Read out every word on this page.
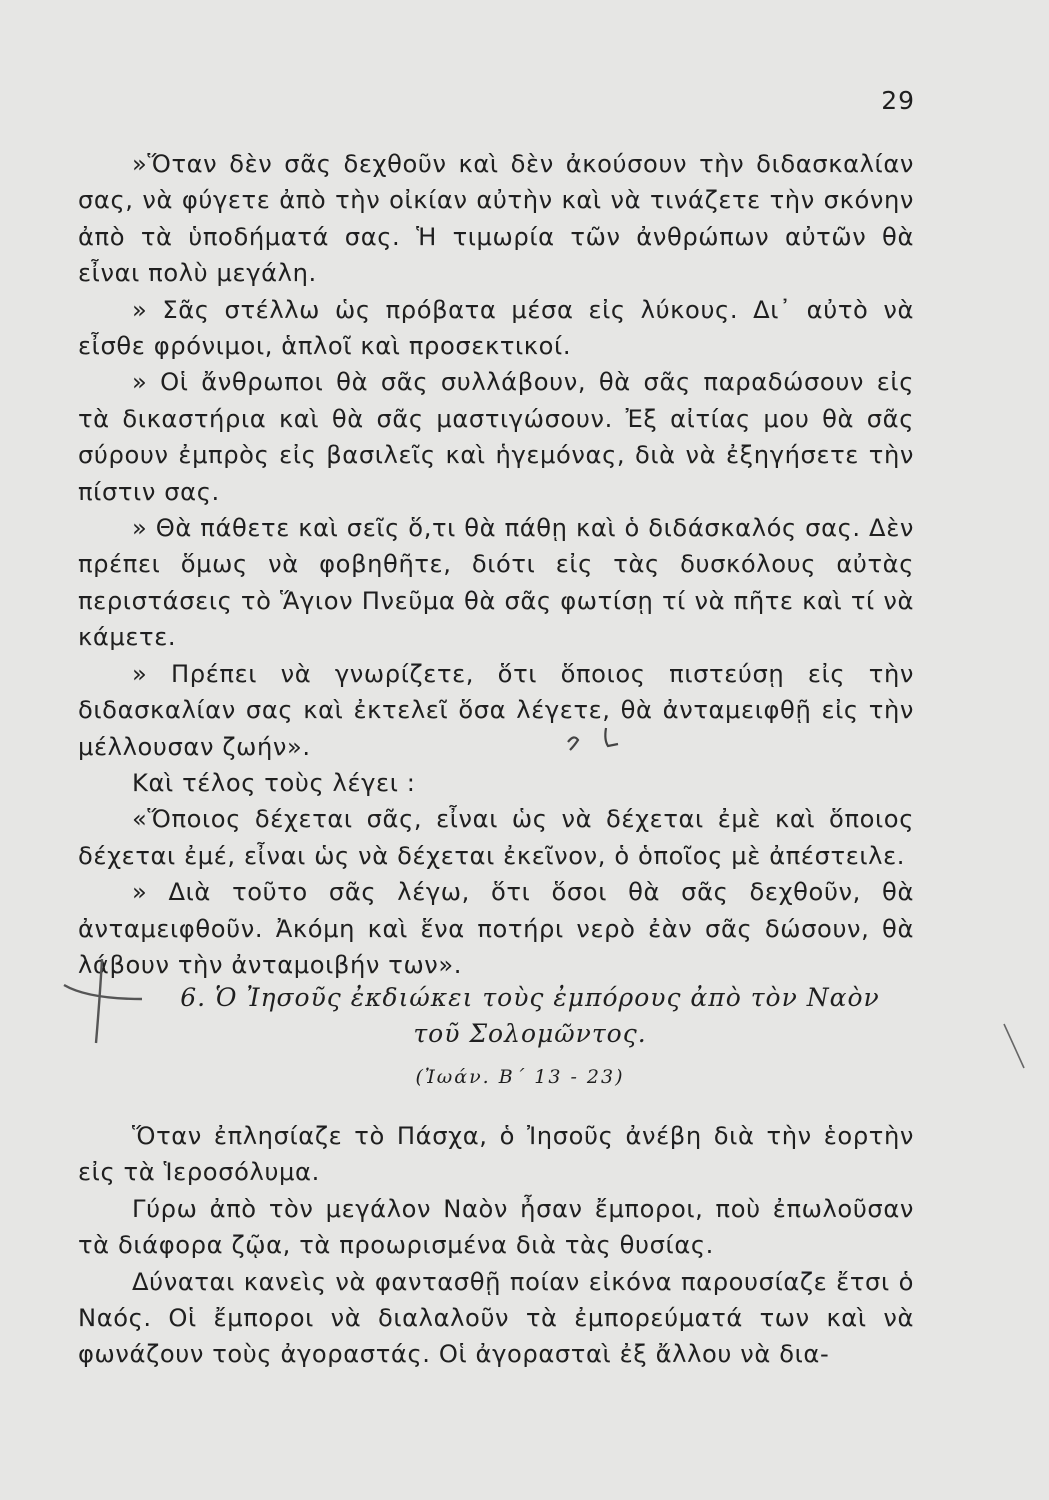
29

»Ὅταν δὲν σᾶς δεχθοῦν καὶ δὲν ἀκούσουν τὴν διδασκαλίαν σας, νὰ φύγετε ἀπὸ τὴν οἰκίαν αὐτὴν καὶ νὰ τινάζετε τὴν σκόνην ἀπὸ τὰ ὑποδήματά σας. Ἡ τιμωρία τῶν ἀνθρώπων αὐτῶν θὰ εἶναι πολὺ μεγάλη.

» Σᾶς στέλλω ὡς πρόβατα μέσα εἰς λύκους. Δι᾽ αὐτὸ νὰ εἶσθε φρόνιμοι, ἁπλοῖ καὶ προσεκτικοί.

» Οἱ ἄνθρωποι θὰ σᾶς συλλάβουν, θὰ σᾶς παραδώσουν εἰς τὰ δικαστήρια καὶ θὰ σᾶς μαστιγώσουν. Ἐξ αἰτίας μου θὰ σᾶς σύρουν ἐμπρὸς εἰς βασιλεῖς καὶ ἡγεμόνας, διὰ νὰ ἐξηγήσετε τὴν πίστιν σας.

» Θὰ πάθετε καὶ σεῖς ὅ,τι θὰ πάθῃ καὶ ὁ διδάσκαλός σας. Δὲν πρέπει ὅμως νὰ φοβηθῆτε, διότι εἰς τὰς δυσκόλους αὐτὰς περιστάσεις τὸ Ἅγιον Πνεῦμα θὰ σᾶς φωτίσῃ τί νὰ πῆτε καὶ τί νὰ κάμετε.

» Πρέπει νὰ γνωρίζετε, ὅτι ὅποιος πιστεύσῃ εἰς τὴν διδασκαλίαν σας καὶ ἐκτελεῖ ὅσα λέγετε, θὰ ἀνταμειφθῇ εἰς τὴν μέλλουσαν ζωήν».

Καὶ τέλος τοὺς λέγει :

«Ὅποιος δέχεται σᾶς, εἶναι ὡς νὰ δέχεται ἐμὲ καὶ ὅποιος δέχεται ἐμέ, εἶναι ὡς νὰ δέχεται ἐκεῖνον, ὁ ὁποῖος μὲ ἀπέστειλε.

» Διὰ τοῦτο σᾶς λέγω, ὅτι ὅσοι θὰ σᾶς δεχθοῦν, θὰ ἀνταμειφθοῦν. Ἀκόμη καὶ ἕνα ποτήρι νερὸ ἐὰν σᾶς δώσουν, θὰ λάβουν τὴν ἀνταμοιβήν των».

6. Ὁ Ἰησοῦς ἐκδιώκει τοὺς ἐμπόρους ἀπὸ τὸν Ναὸν
τοῦ Σολομῶντος.
(Ἰωάν. Β΄ 13 - 23)

Ὅταν ἐπλησίαζε τὸ Πάσχα, ὁ Ἰησοῦς ἀνέβη διὰ τὴν ἑορτὴν εἰς τὰ Ἱεροσόλυμα.

Γύρω ἀπὸ τὸν μεγάλον Ναὸν ἦσαν ἔμποροι, ποὺ ἐπωλοῦσαν τὰ διάφορα ζῷα, τὰ προωρισμένα διὰ τὰς θυσίας.

Δύναται κανεὶς νὰ φαντασθῇ ποίαν εἰκόνα παρουσίαζε ἔτσι ὁ Ναός. Οἱ ἔμποροι νὰ διαλαλοῦν τὰ ἐμπορεύματά των καὶ νὰ φωνάζουν τοὺς ἀγοραστάς. Οἱ ἀγορασταὶ ἐξ ἄλλου νὰ δια-
